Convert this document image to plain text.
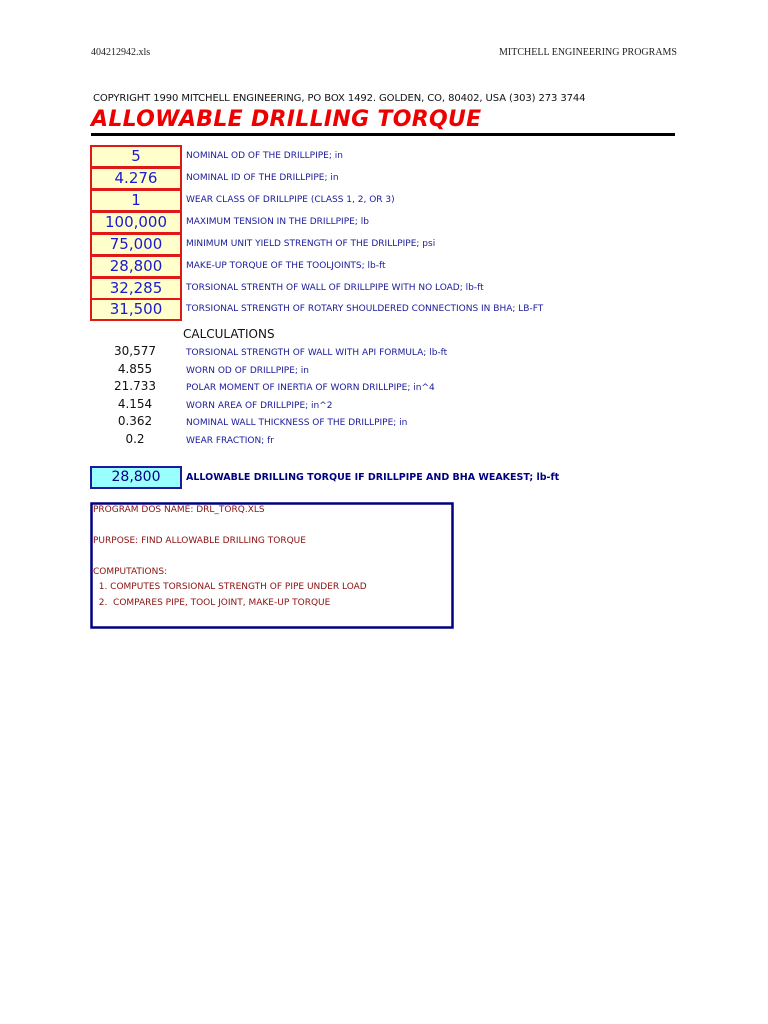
404212942.xls	MITCHELL ENGINEERING PROGRAMS
COPYRIGHT 1990 MITCHELL ENGINEERING, PO BOX 1492. GOLDEN, CO, 80402, USA (303) 273 3744
ALLOWABLE DRILLING TORQUE
5	NOMINAL OD OF THE DRILLPIPE; in
4.276	NOMINAL ID OF THE DRILLPIPE; in
1	WEAR CLASS OF DRILLPIPE (CLASS 1, 2, OR 3)
100,000	MAXIMUM TENSION IN THE DRILLPIPE; lb
75,000	MINIMUM UNIT YIELD STRENGTH OF THE DRILLPIPE; psi
28,800	MAKE-UP TORQUE OF THE TOOLJOINTS; lb-ft
32,285	TORSIONAL STRENTH OF WALL OF DRILLPIPE WITH NO LOAD; lb-ft
31,500	TORSIONAL STRENGTH OF ROTARY SHOULDERED CONNECTIONS IN BHA; LB-FT
CALCULATIONS
30,577	TORSIONAL STRENGTH OF WALL WITH API FORMULA; lb-ft
4.855	WORN OD OF DRILLPIPE; in
21.733	POLAR MOMENT OF INERTIA OF WORN DRILLPIPE; in^4
4.154	WORN AREA OF DRILLPIPE; in^2
0.362	NOMINAL WALL THICKNESS OF THE DRILLPIPE; in
0.2	WEAR FRACTION; fr
28,800	ALLOWABLE DRILLING TORQUE IF DRILLPIPE AND BHA WEAKEST; lb-ft
PROGRAM DOS NAME: DRL_TORQ.XLS
PURPOSE: FIND ALLOWABLE DRILLING TORQUE
COMPUTATIONS:
1. COMPUTES TORSIONAL STRENGTH OF PIPE UNDER LOAD
2.  COMPARES PIPE, TOOL JOINT, MAKE-UP TORQUE
